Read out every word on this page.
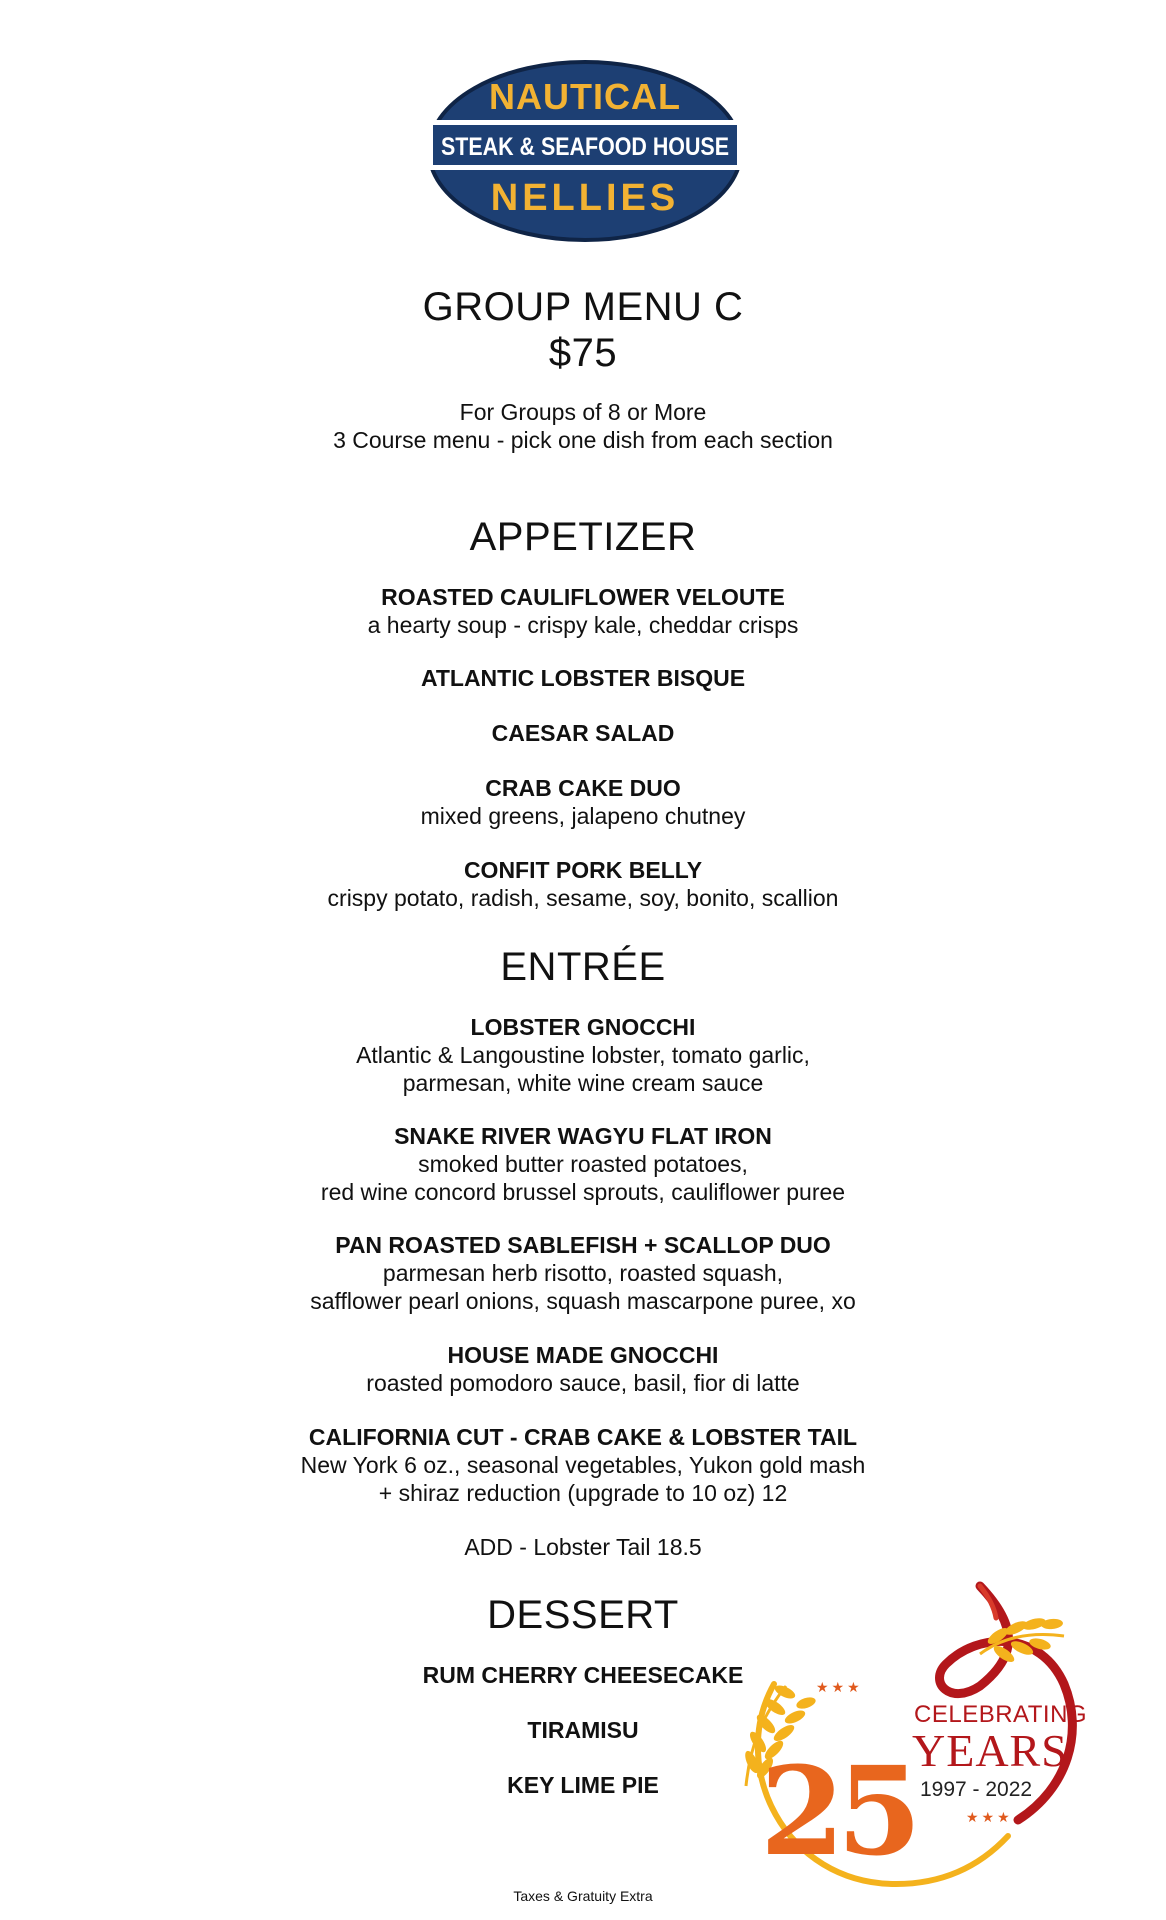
NAUTICAL
STEAK & SEAFOOD HOUSE
NELLIES
GROUP MENU C
$75
For Groups of 8 or More
3 Course menu - pick one dish from each section
APPETIZER
ROASTED CAULIFLOWER VELOUTE
a hearty soup - crispy kale, cheddar crisps
ATLANTIC LOBSTER BISQUE
CAESAR SALAD
CRAB CAKE DUO
mixed greens, jalapeno chutney
CONFIT PORK BELLY
crispy potato, radish, sesame, soy, bonito, scallion
ENTRÉE
LOBSTER GNOCCHI
Atlantic & Langoustine lobster, tomato garlic,
parmesan, white wine cream sauce
SNAKE RIVER WAGYU FLAT IRON
smoked butter roasted potatoes,
red wine concord brussel sprouts, cauliflower puree
PAN ROASTED SABLEFISH + SCALLOP DUO
parmesan herb risotto, roasted squash,
safflower pearl onions, squash mascarpone puree, xo
HOUSE MADE GNOCCHI
roasted pomodoro sauce, basil, fior di latte
CALIFORNIA CUT - CRAB CAKE & LOBSTER TAIL
New York 6 oz., seasonal vegetables, Yukon gold mash
+ shiraz reduction (upgrade to 10 oz) 12
ADD - Lobster Tail 18.5
DESSERT
RUM CHERRY CHEESECAKE
TIRAMISU
KEY LIME PIE
★★★
★★★
25
CELEBRATING
YEARS
1997 - 2022
Taxes & Gratuity Extra
